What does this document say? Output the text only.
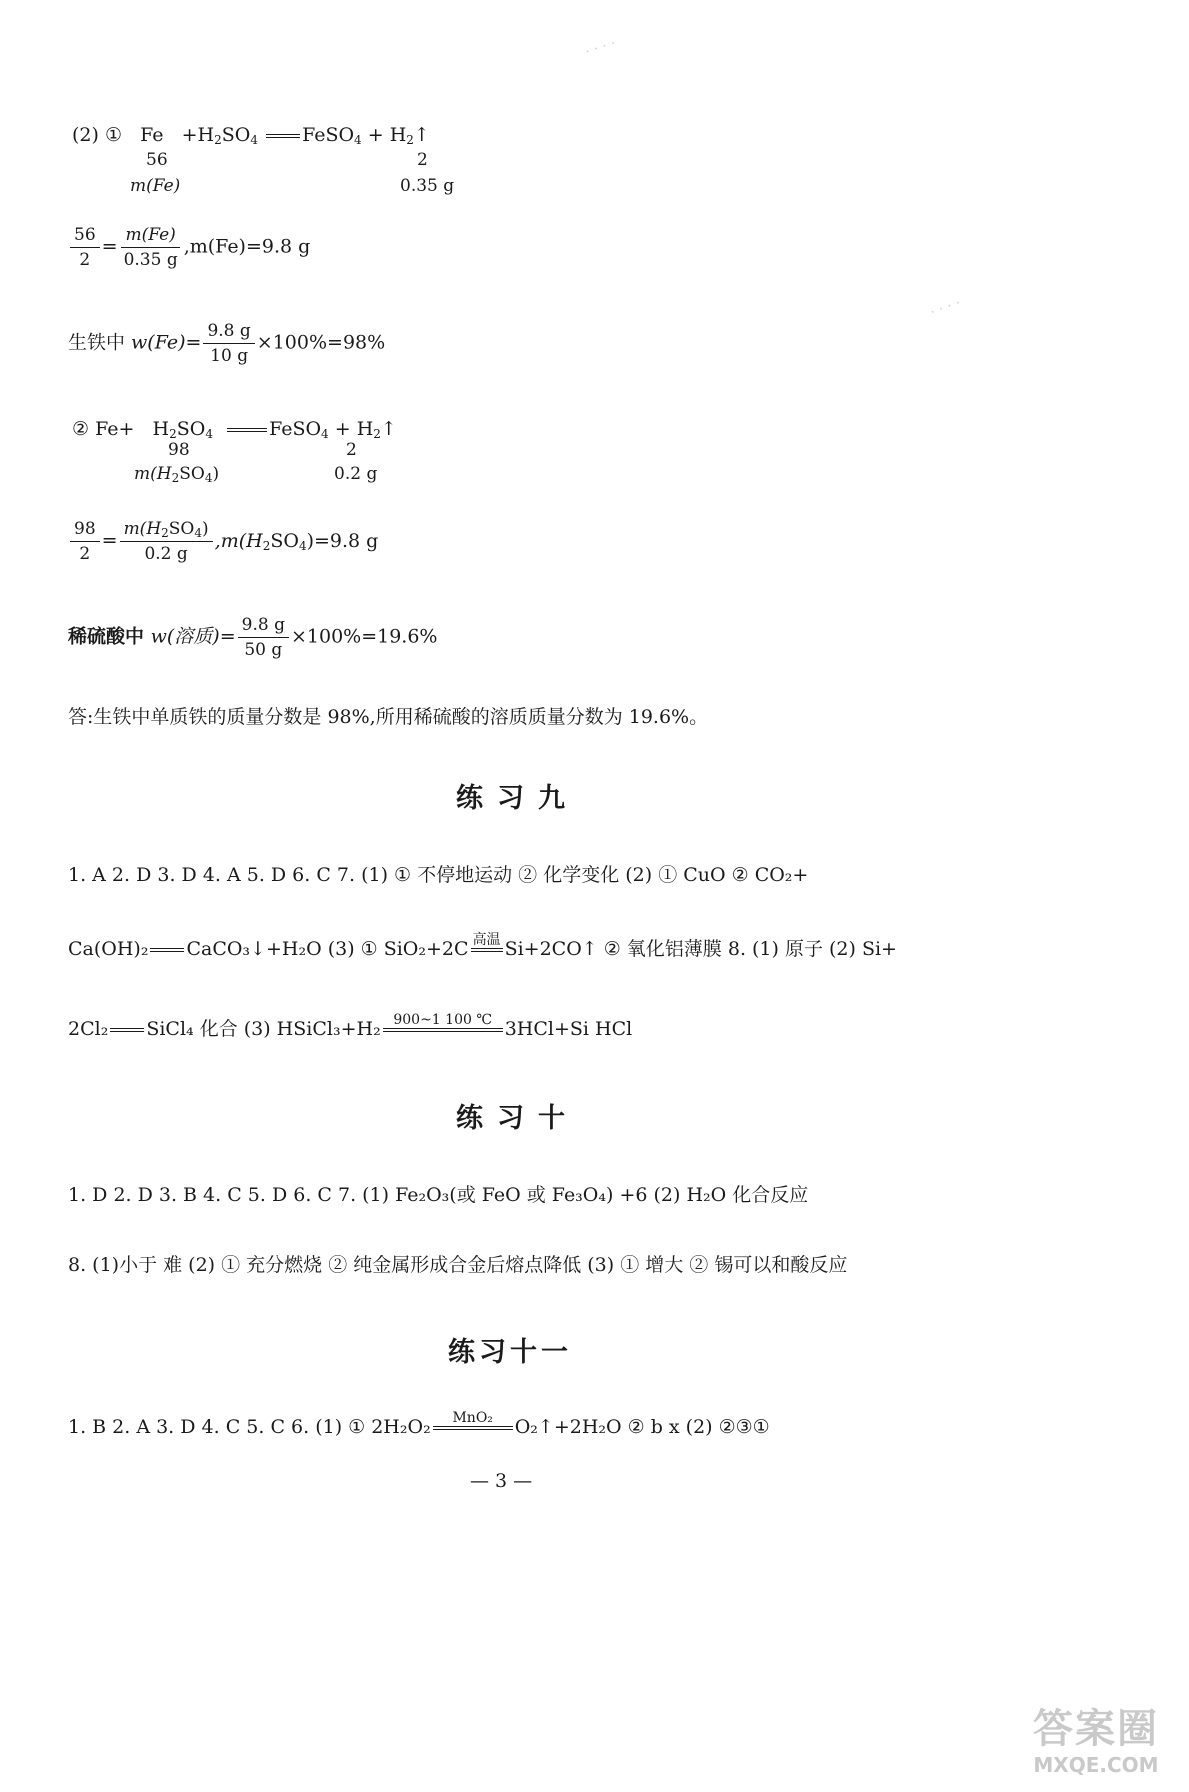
· · · ·
· · · ·
(2) ① $Fe +H_2SO_4$ FeSO$_4$ + $H_2↑$
56	2
m(Fe)	0.35 g
$\frac{56}{2} = \frac{m(Fe)}{0.35 g} ,m(Fe)=9.8$ g
生铁中 $w(Fe)= \frac{9.8 g}{10 g} \times 100\%=98\%$
② $Fe+ H_2SO_4$	FeSO$_4$ + $H_2↑$
98	2
$m(H_2SO_4)$	0.2 g
$\frac{98}{2} = \frac{m(H_2SO_4)}{0.2 g} ,m(H_2SO_4)=9.8$ g
稀硫酸中 w(溶质)= $\frac{9.8 g}{50 g} \times 100\%=19.6\%$
答:生铁中单质铁的质量分数是 98%,所用稀硫酸的溶质质量分数为 19.6%。
练习九
1. A 2. D 3. D 4. A 5. D 6. C 7. (1) ① 不停地运动 ② 化学变化 (2) ① CuO ② CO₂+
Ca(OH)₂ CaCO₃↓+H₂O (3) ① SiO₂+2C 高温 Si+2CO↑ ② 氧化铝薄膜 8. (1) 原子 (2) Si+
2Cl₂ SiCl₄ 化合 (3) HSiCl₃+H₂ 900~1 100 ℃ 3HCl+Si HCl
练习十
1. D 2. D 3. B 4. C 5. D 6. C 7. (1) Fe₂O₃(或 FeO 或 Fe₃O₄) +6 (2) H₂O 化合反应
8. (1)小于 难 (2) ① 充分燃烧 ② 纯金属形成合金后熔点降低 (3) ① 增大 ② 锡可以和酸反应
练习十一
1. B 2. A 3. D 4. C 5. C 6. (1) ① 2H₂O₂ MnO₂ O₂↑+2H₂O ② b x (2) ②③①
— 3 —
答案圈
MXQE.COM
